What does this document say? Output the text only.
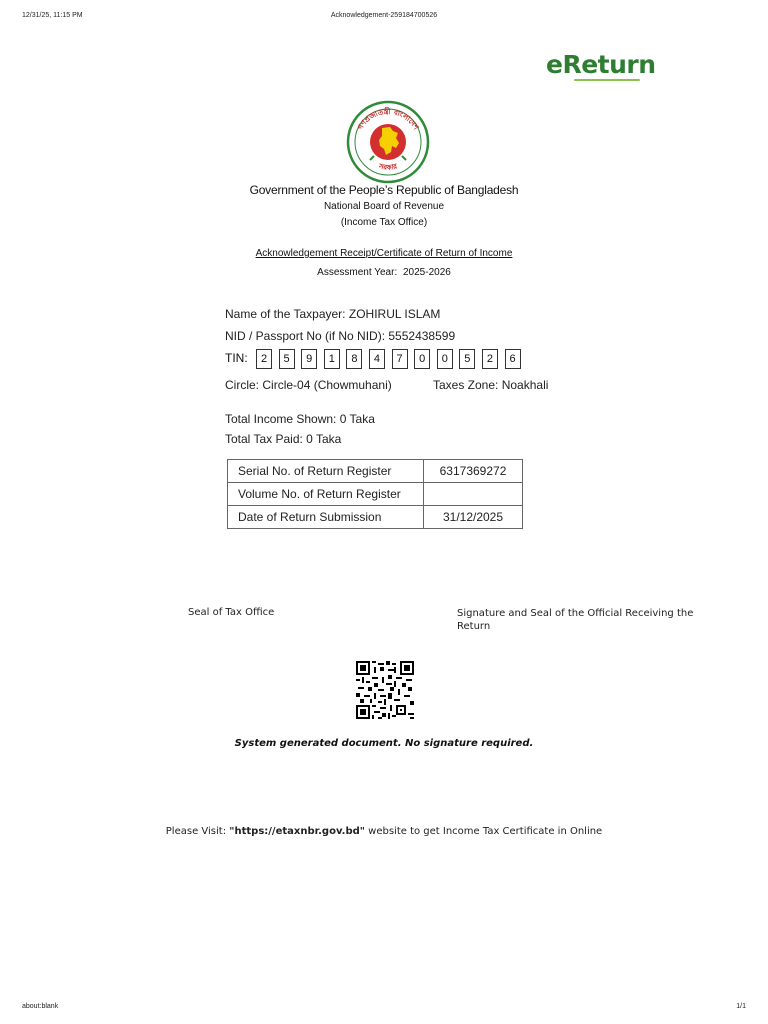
12/31/25, 11:15 PM	Acknowledgement-259184700526
about:blank	1/1
eReturn
গণপ্রজাতন্ত্রী বাংলাদেশ
সরকার
Government of the People’s Republic of Bangladesh
National Board of Revenue
(Income Tax Office)
Acknowledgement Receipt/Certificate of Return of Income
Assessment Year: 2025-2026
Name of the Taxpayer: ZOHIRUL ISLAM
NID / Passport No (if No NID): 5552438599
TIN:	2	5	9	1	8	4	7	0	0	5	2	6
Circle: Circle-04 (Chowmuhani)	Taxes Zone: Noakhali
Total Income Shown: 0 Taka
Total Tax Paid: 0 Taka
Serial No. of Return Register	6317369272
Volume No. of Return Register	
Date of Return Submission	31/12/2025
Seal of Tax Office	Signature and Seal of the Official Receiving the
Return
System generated document. No signature required.
Please Visit: "https://etaxnbr.gov.bd" website to get Income Tax Certificate in Online
